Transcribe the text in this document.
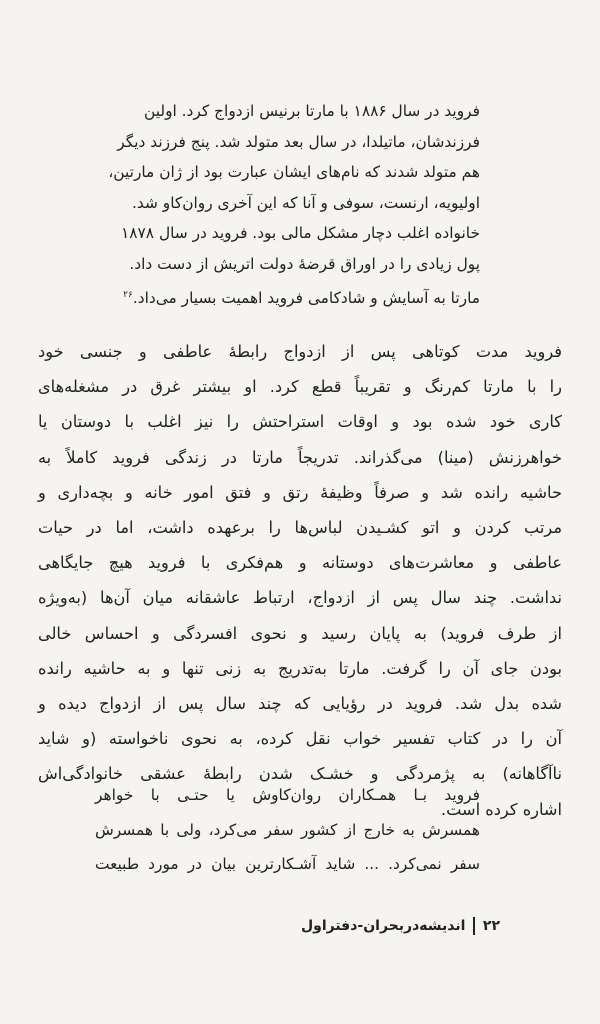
فروید در سال ۱۸۸۶ با مارتا برنیس ازدواج کرد. اولین
فرزندشان، ماتیلدا، در سال بعد متولد شد. پنج فرزند دیگر
هم متولد شدند که نام‌های ایشان عبارت بود از ژان مارتین،
اولیویه، ارنست، سوفی و آنا که این آخری روان‌کاو شد.
خانواده اغلب دچار مشکل مالی بود. فروید در سال ۱۸۷۸
پول زیادی را در اوراق قرضهٔ دولت اتریش از دست داد.
مارتا به آسایش و شادکامی فروید اهمیت بسیار می‌داد.$^{۲۶}$
فروید مدت کوتاهی پس از ازدواج رابطهٔ عاطفی و جنسی خود
را با مارتا کم‌رنگ و تقریباً قطع کرد. او بیشتر غرق در مشغله‌های
کاری خود شده بود و اوقات استراحتش را نیز اغلب با دوستان یا
خواهرزنش (مینا) می‌گذراند. تدریجاً مارتا در زندگی فروید کاملاً به
حاشیه رانده شد و صرفاً وظیفهٔ رتق و فتق امور خانه و بچه‌داری و
مرتب کردن و اتو کشـیدن لباس‌ها را برعهده داشت، اما در حیات
عاطفی و معاشرت‌های دوستانه و هم‌فکری با فروید هیچ جایگاهی
نداشت. چند سال پس از ازدواج، ارتباط عاشقانه میان آن‌ها (به‌ویژه
از طرف فروید) به پایان رسید و نحوی افسردگی و احساس خالی
بودن جای آن را گرفت. مارتا به‌تدریج به زنی تنها و به حاشیه رانده
شده بدل شد. فروید در رؤیایی که چند سال پس از ازدواج دیده و
آن را در کتاب تفسیر خواب نقل کرده، به نحوی ناخواسته (و شاید
ناآگاهانه) به پژمردگی و خشـک شدن رابطهٔ عشقی خانوادگی‌اش
اشاره کرده است.
فروید بـا همـکاران روان‌کاوش یا حتـی با خواهر
همسرش به خارج از کشور سفر می‌کرد، ولی با همسرش
سفر نمی‌کرد. ... شاید آشـکارترین بیان در مورد طبیعت
۲۲
اندیشه‌در‌بحران-دفتراول
